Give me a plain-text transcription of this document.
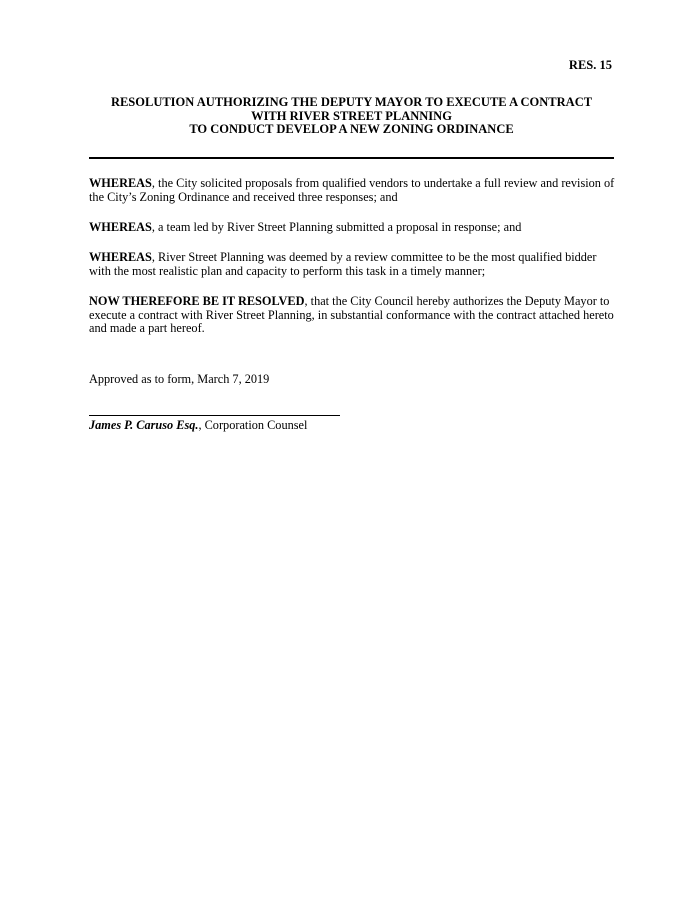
RES. 15
RESOLUTION AUTHORIZING THE DEPUTY MAYOR TO EXECUTE A CONTRACT
WITH RIVER STREET PLANNING
TO CONDUCT DEVELOP A NEW ZONING ORDINANCE
WHEREAS, the City solicited proposals from qualified vendors to undertake a full review and revision of the City’s Zoning Ordinance and received three responses; and
WHEREAS, a team led by River Street Planning submitted a proposal in response; and
WHEREAS, River Street Planning was deemed by a review committee to be the most qualified bidder with the most realistic plan and capacity to perform this task in a timely manner;
NOW THEREFORE BE IT RESOLVED, that the City Council hereby authorizes the Deputy Mayor to execute a contract with River Street Planning, in substantial conformance with the contract attached hereto and made a part hereof.
Approved as to form, March 7, 2019
James P. Caruso Esq., Corporation Counsel
